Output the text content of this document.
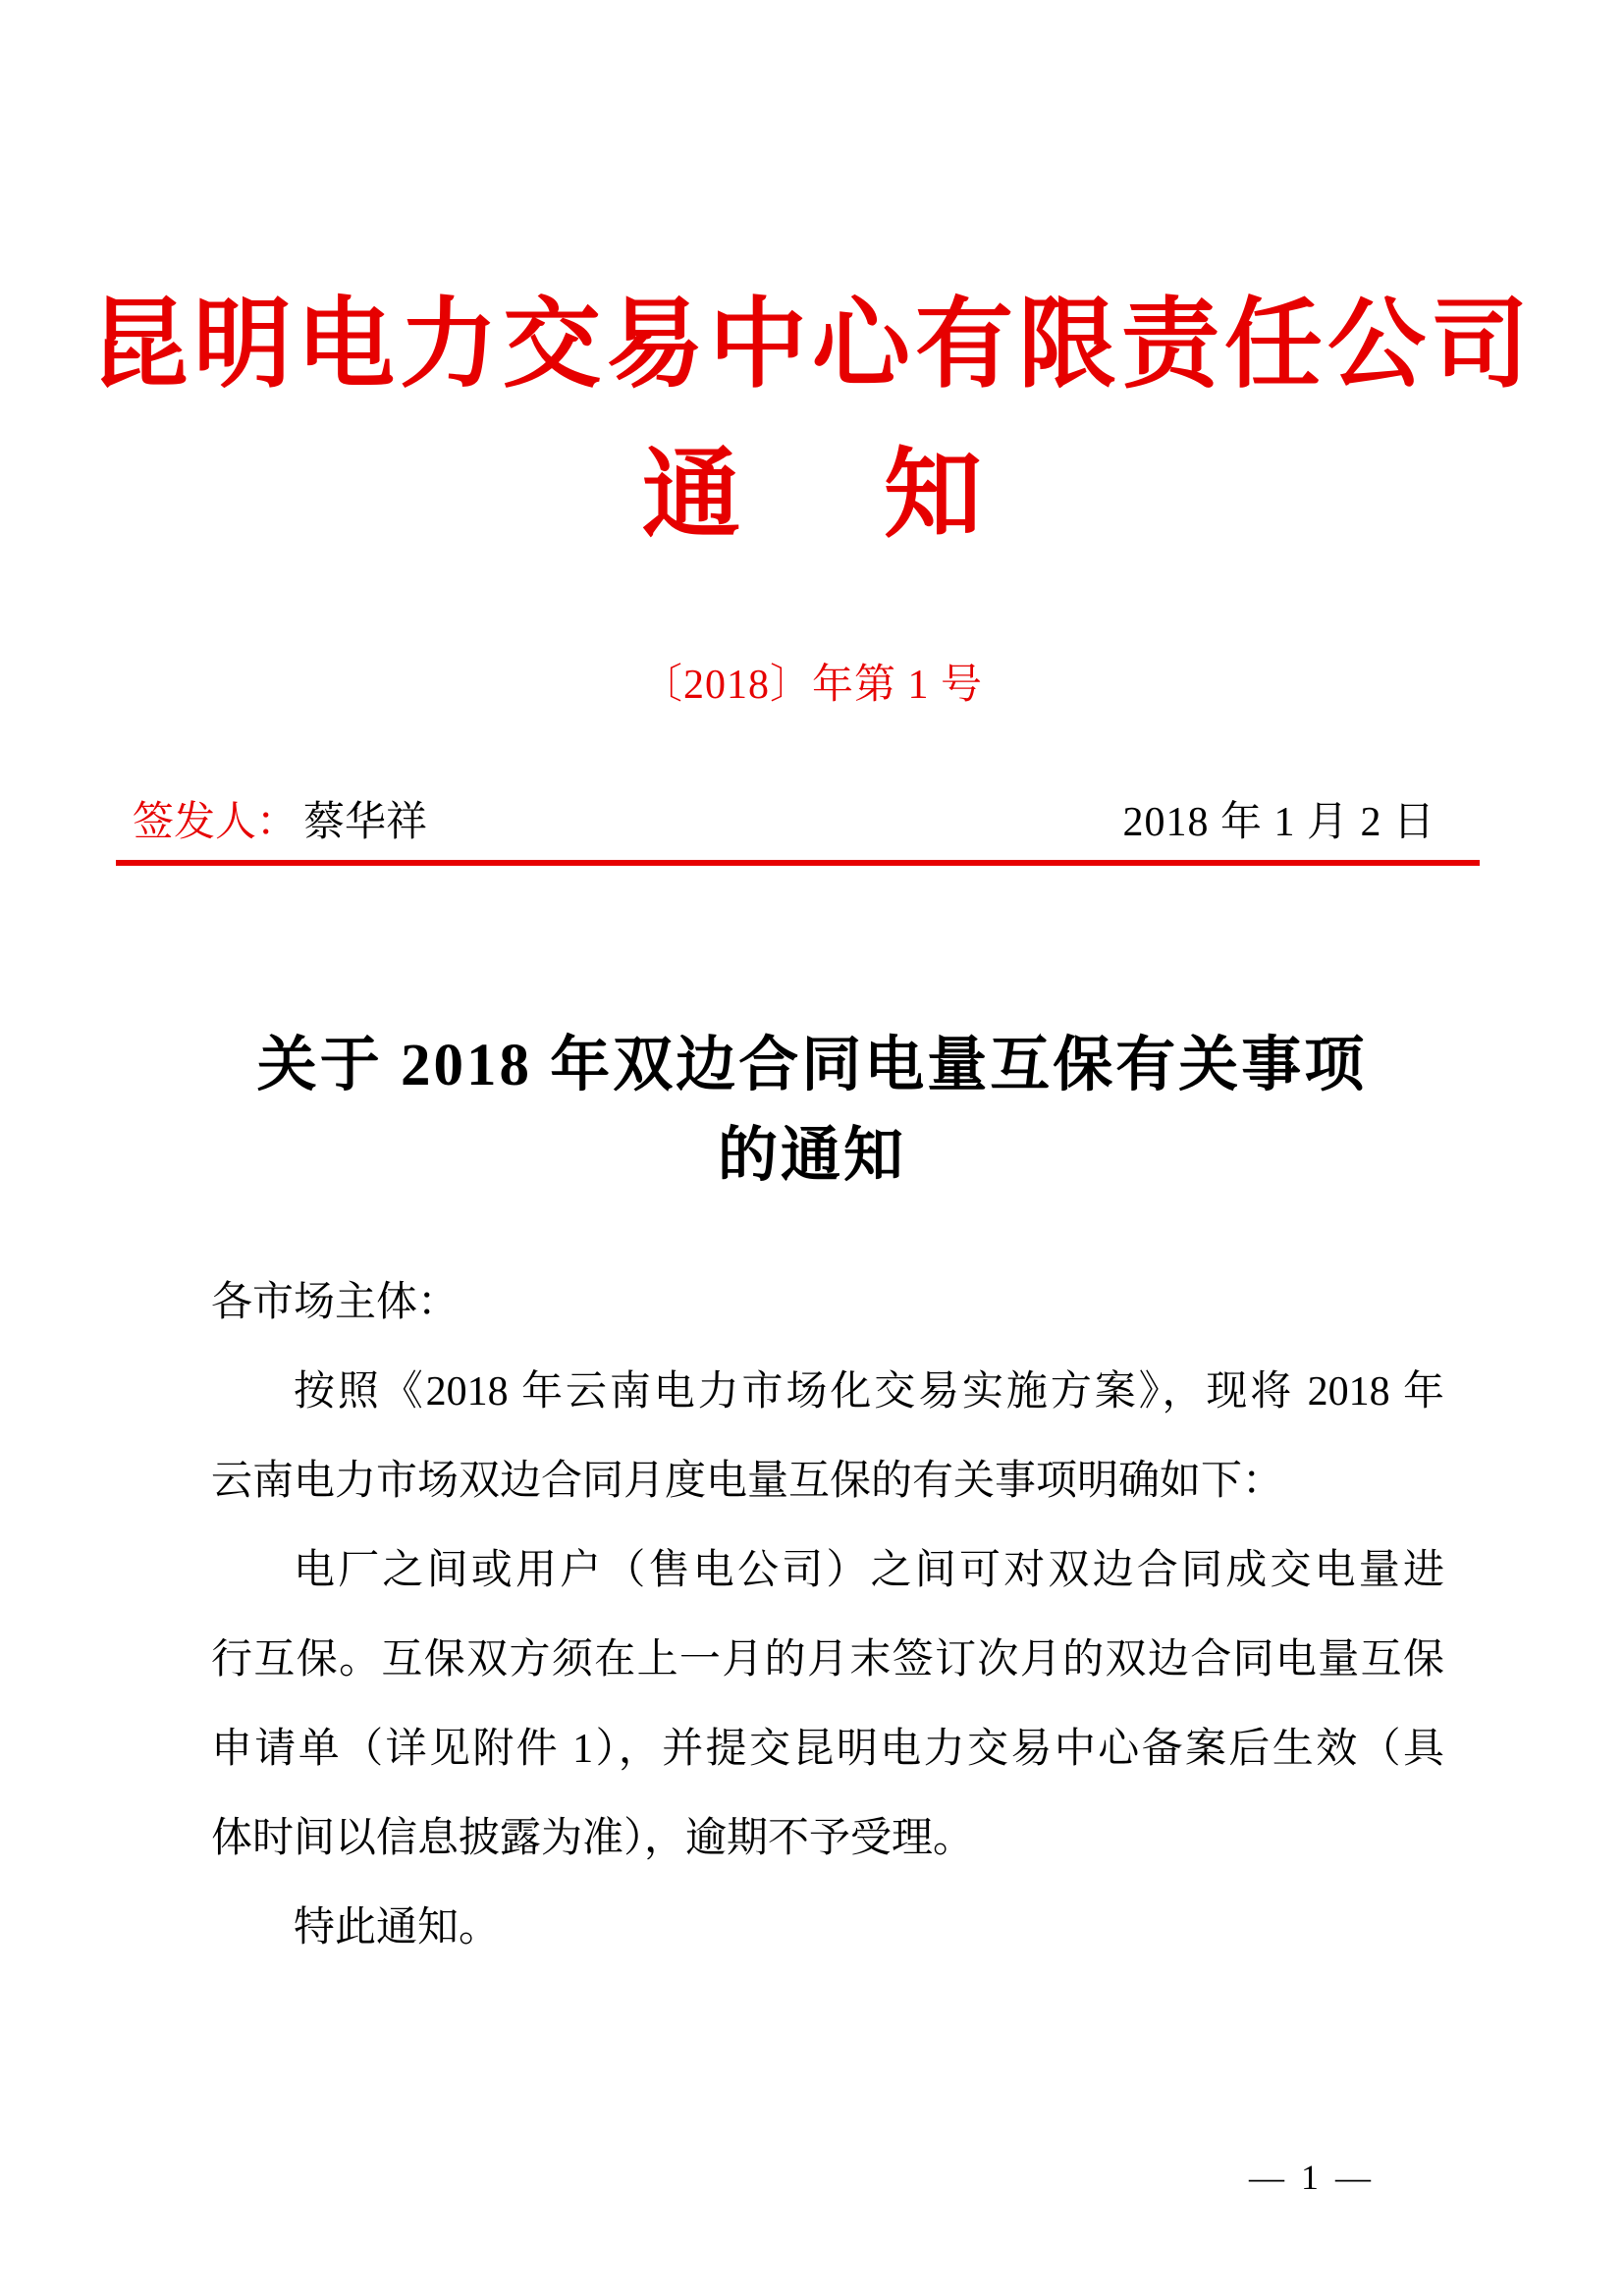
昆明电力交易中心有限责任公司
通 知
〔2018〕年第 1 号
签发人： 蔡华祥	2018 年 1 月 2 日
关于 2018 年双边合同电量互保有关事项
的通知
各市场主体：
按照《2018 年云南电力市场化交易实施方案》，现将 2018 年
云南电力市场双边合同月度电量互保的有关事项明确如下：
电厂之间或用户（售电公司）之间可对双边合同成交电量进
行互保。互保双方须在上一月的月末签订次月的双边合同电量互保
申请单（详见附件 1），并提交昆明电力交易中心备案后生效（具
体时间以信息披露为准），逾期不予受理。
特此通知。
— 1 —
